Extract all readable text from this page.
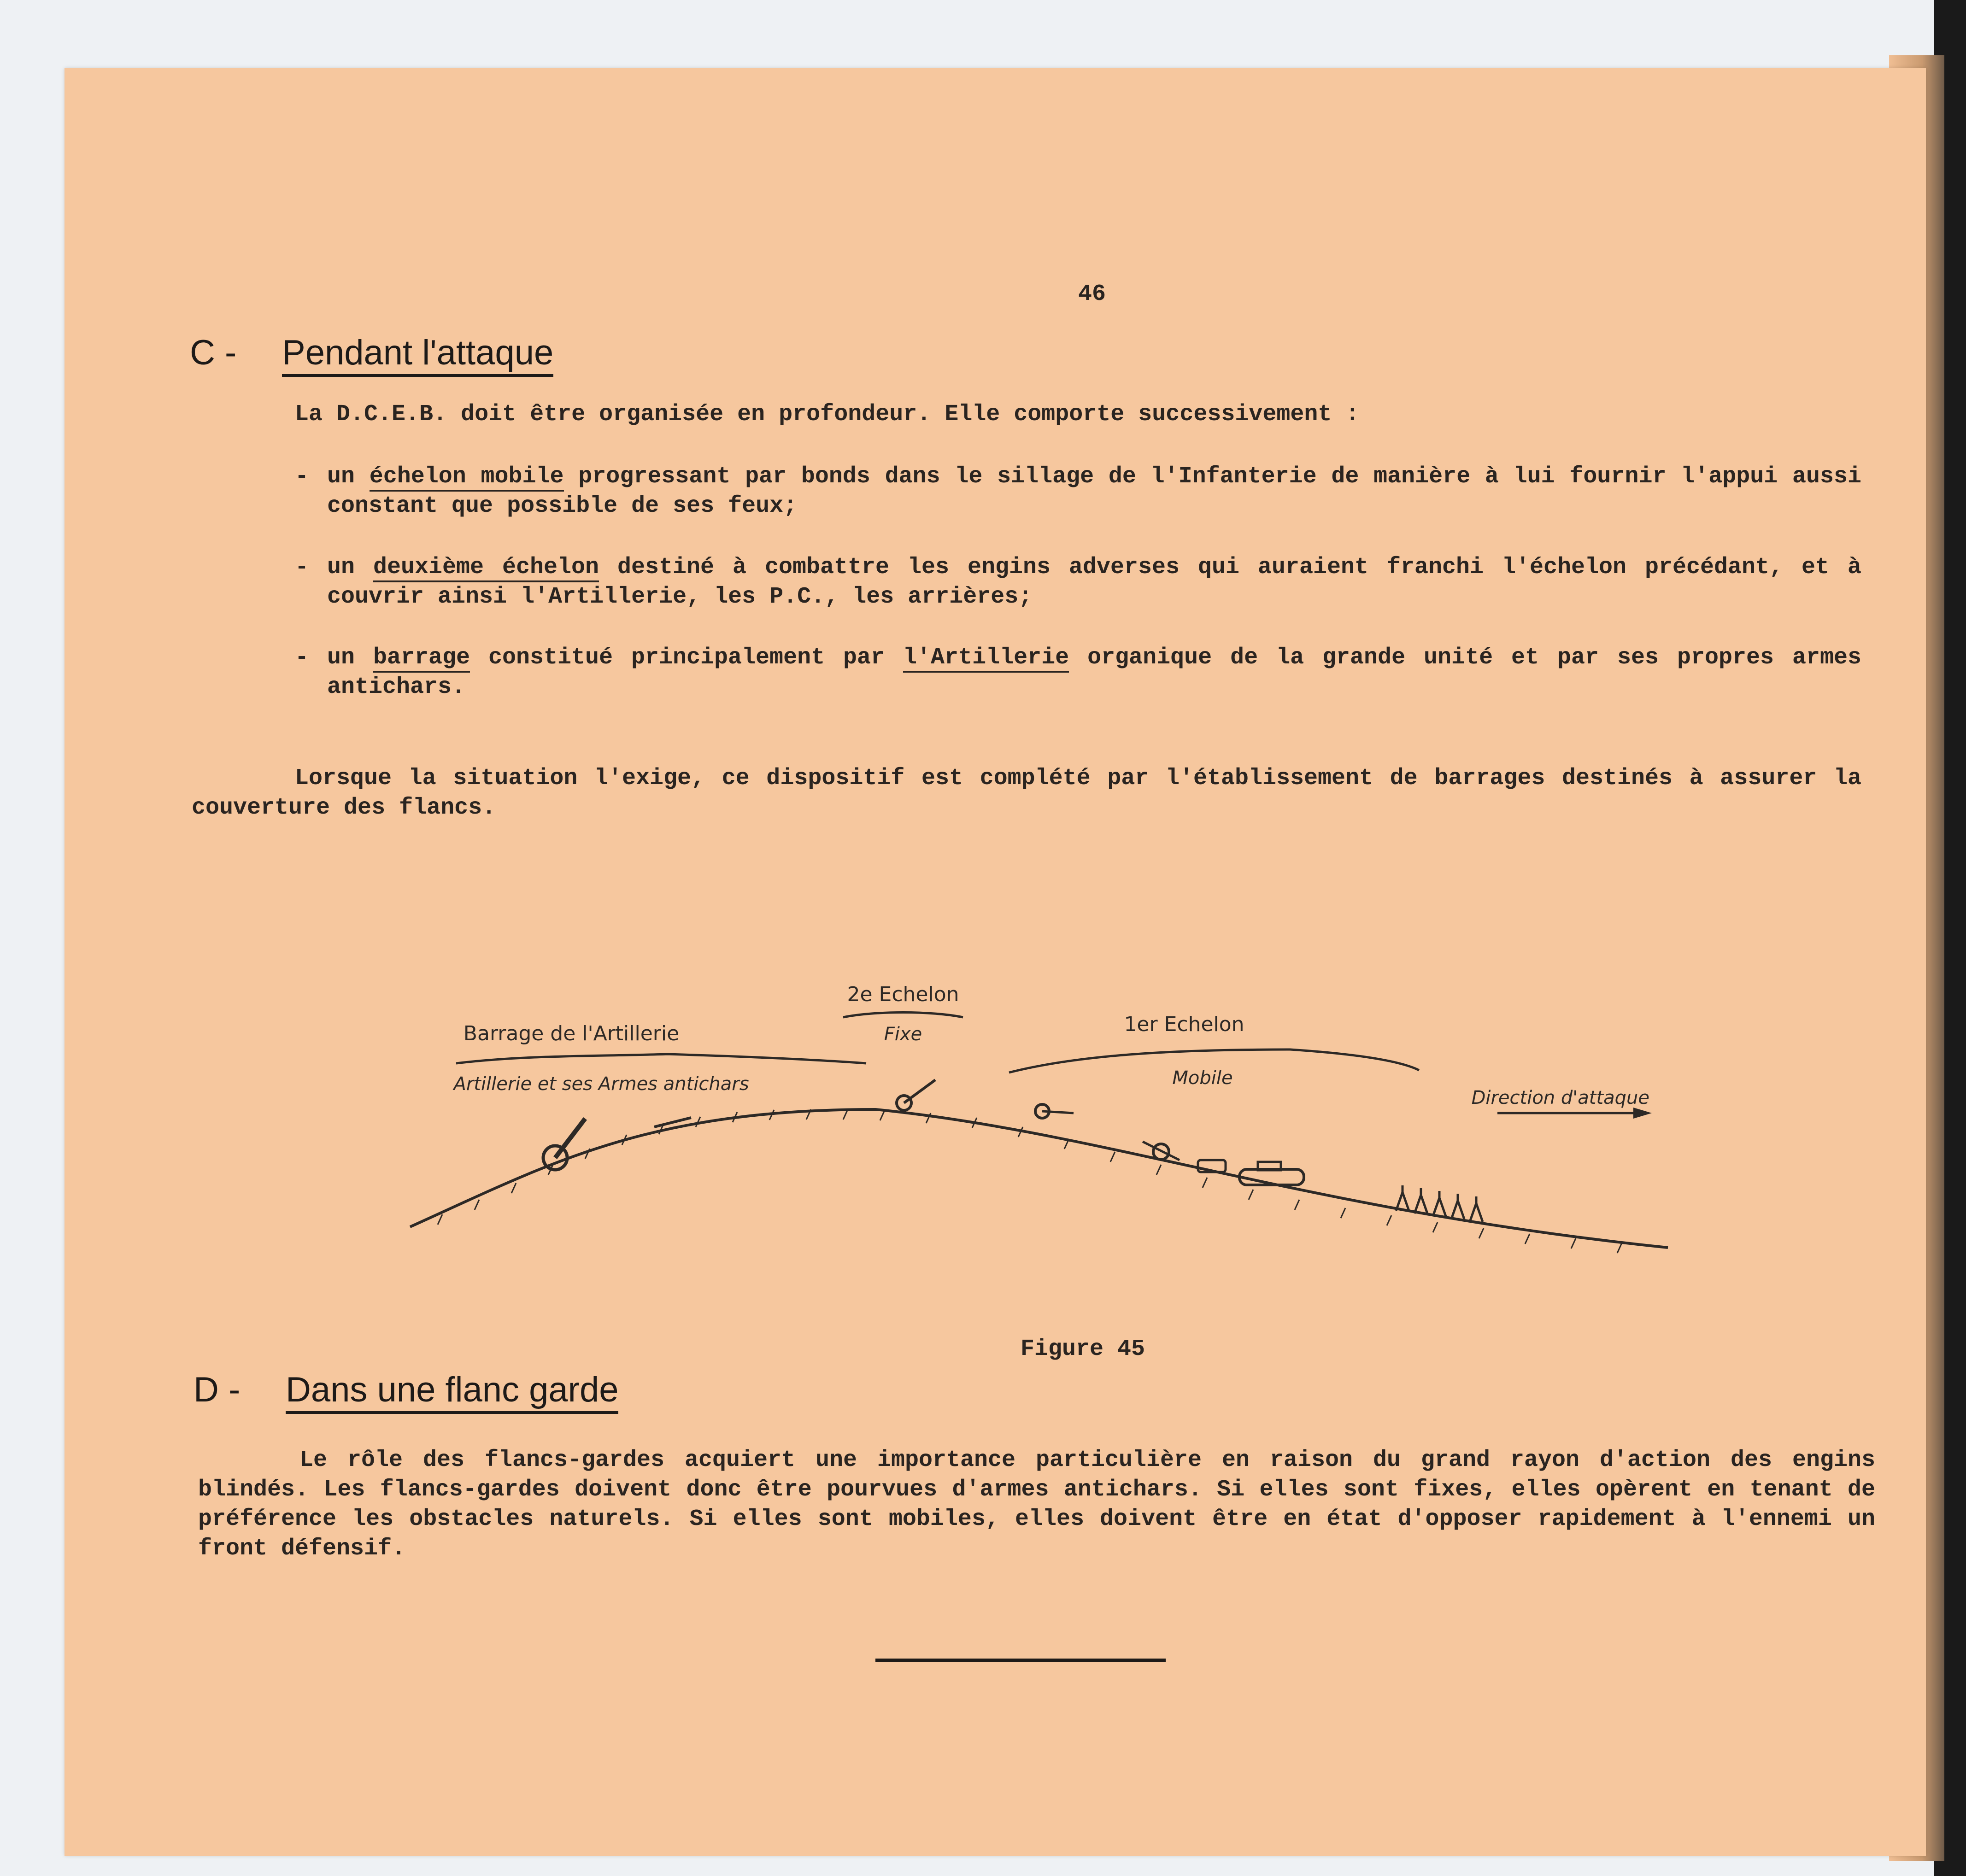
46
C - Pendant l'attaque

La D.C.E.B. doit être organisée en profondeur. Elle comporte successivement :

- un échelon mobile progressant par bonds dans le sillage de l'Infanterie de manière à lui fournir l'appui aussi constant que possible de ses feux;
- un deuxième échelon destiné à combattre les engins adverses qui auraient franchi l'échelon précédant, et à couvrir ainsi l'Artillerie, les P.C., les arrières;
- un barrage constitué principalement par l'Artillerie organique de la grande unité et par ses propres armes antichars.

Lorsque la situation l'exige, ce dispositif est complété par l'établissement de barrages destinés à assurer la couverture des flancs.

Barrage de l'Artillerie
Artillerie et ses Armes antichars
2e Echelon
Fixe	1er Echelon
Mobile
Direction d'attaque
Figure 45
D - Dans une flanc garde

Le rôle des flancs-gardes acquiert une importance particulière en raison du grand rayon d'action des engins blindés. Les flancs-gardes doivent donc être pourvues d'armes antichars. Si elles sont fixes, elles opèrent en tenant de préférence les obstacles naturels. Si elles sont mobiles, elles doivent être en état d'opposer rapidement à l'ennemi un front défensif.
